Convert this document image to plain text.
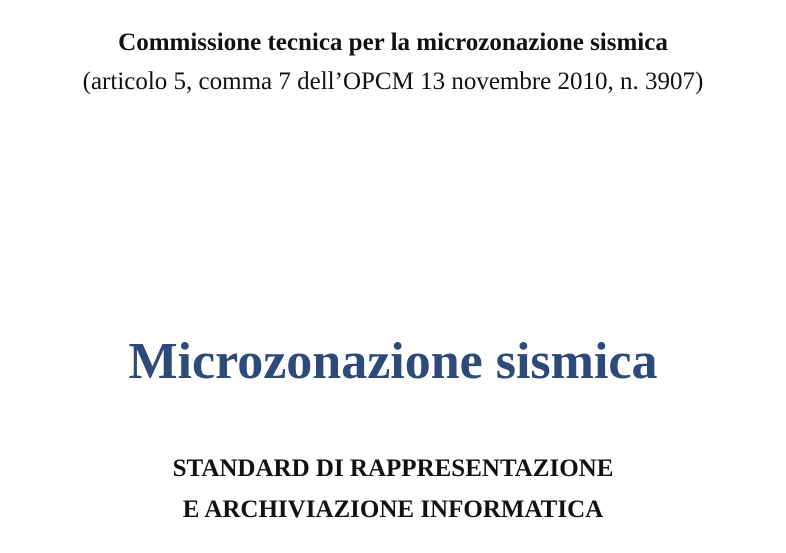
Commissione tecnica per la microzonazione sismica
(articolo 5, comma 7 dell’OPCM 13 novembre 2010, n. 3907)
Microzonazione sismica
STANDARD DI RAPPRESENTAZIONE
E ARCHIVIAZIONE INFORMATICA
